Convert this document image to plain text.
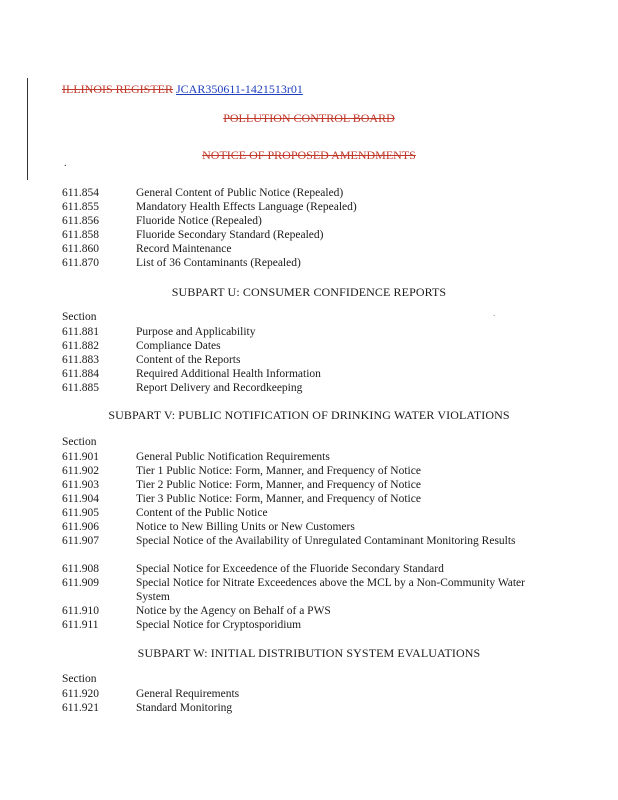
ILLINOIS REGISTER JCAR350611-1421513r01
POLLUTION CONTROL BOARD
NOTICE OF PROPOSED AMENDMENTS
.
611.854	General Content of Public Notice (Repealed)
611.855	Mandatory Health Effects Language (Repealed)
611.856	Fluoride Notice (Repealed)
611.858	Fluoride Secondary Standard (Repealed)
611.860	Record Maintenance
611.870	List of 36 Contaminants (Repealed)
SUBPART U: CONSUMER CONFIDENCE REPORTS
.
Section
611.881	Purpose and Applicability
611.882	Compliance Dates
611.883	Content of the Reports
611.884	Required Additional Health Information
611.885	Report Delivery and Recordkeeping
SUBPART V: PUBLIC NOTIFICATION OF DRINKING WATER VIOLATIONS
Section
611.901	General Public Notification Requirements
611.902	Tier 1 Public Notice: Form, Manner, and Frequency of Notice
611.903	Tier 2 Public Notice: Form, Manner, and Frequency of Notice
611.904	Tier 3 Public Notice: Form, Manner, and Frequency of Notice
611.905	Content of the Public Notice
611.906	Notice to New Billing Units or New Customers
611.907	Special Notice of the Availability of Unregulated Contaminant Monitoring Results
611.908	Special Notice for Exceedence of the Fluoride Secondary Standard
611.909	Special Notice for Nitrate Exceedences above the MCL by a Non-Community Water System
611.910	Notice by the Agency on Behalf of a PWS
611.911	Special Notice for Cryptosporidium
SUBPART W: INITIAL DISTRIBUTION SYSTEM EVALUATIONS
Section
611.920	General Requirements
611.921	Standard Monitoring
